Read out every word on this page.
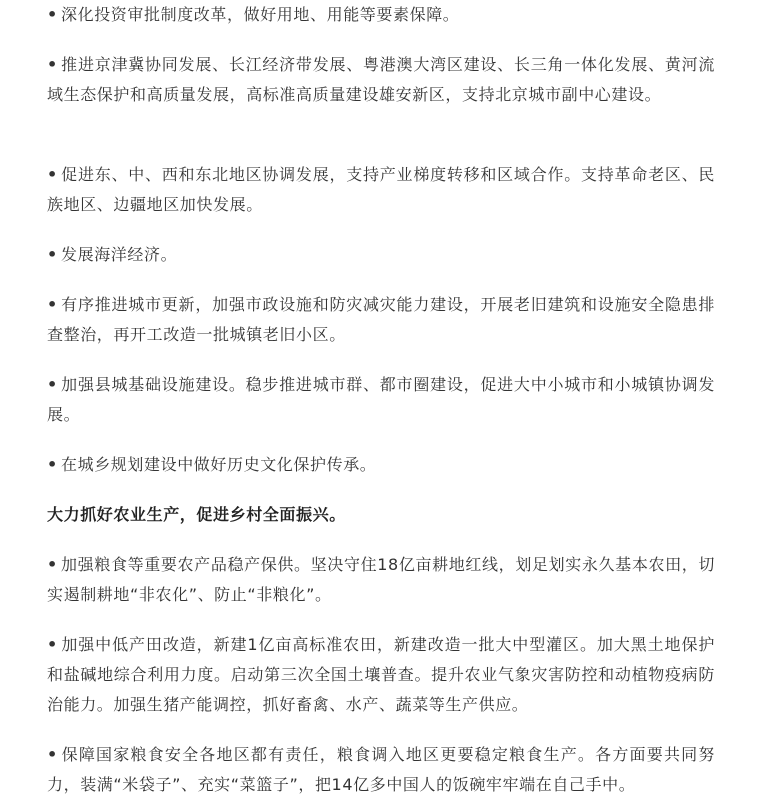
• 深化投资审批制度改革，做好用地、用能等要素保障。

• 推进京津冀协同发展、长江经济带发展、粤港澳大湾区建设、长三角一体化发展、黄河流域生态保护和高质量发展，高标准高质量建设雄安新区，支持北京城市副中心建设。

• 促进东、中、西和东北地区协调发展，支持产业梯度转移和区域合作。支持革命老区、民族地区、边疆地区加快发展。

• 发展海洋经济。

• 有序推进城市更新，加强市政设施和防灾减灾能力建设，开展老旧建筑和设施安全隐患排查整治，再开工改造一批城镇老旧小区。

• 加强县城基础设施建设。稳步推进城市群、都市圈建设，促进大中小城市和小城镇协调发展。

• 在城乡规划建设中做好历史文化保护传承。

大力抓好农业生产，促进乡村全面振兴。

• 加强粮食等重要农产品稳产保供。坚决守住18亿亩耕地红线，划足划实永久基本农田，切实遏制耕地“非农化”、防止“非粮化”。

• 加强中低产田改造，新建1亿亩高标准农田，新建改造一批大中型灌区。加大黑土地保护和盐碱地综合利用力度。启动第三次全国土壤普查。提升农业气象灾害防控和动植物疫病防治能力。加强生猪产能调控，抓好畜禽、水产、蔬菜等生产供应。

• 保障国家粮食安全各地区都有责任，粮食调入地区更要稳定粮食生产。各方面要共同努力，装满“米袋子”、充实“菜篮子”，把14亿多中国人的饭碗牢牢端在自己手中。
